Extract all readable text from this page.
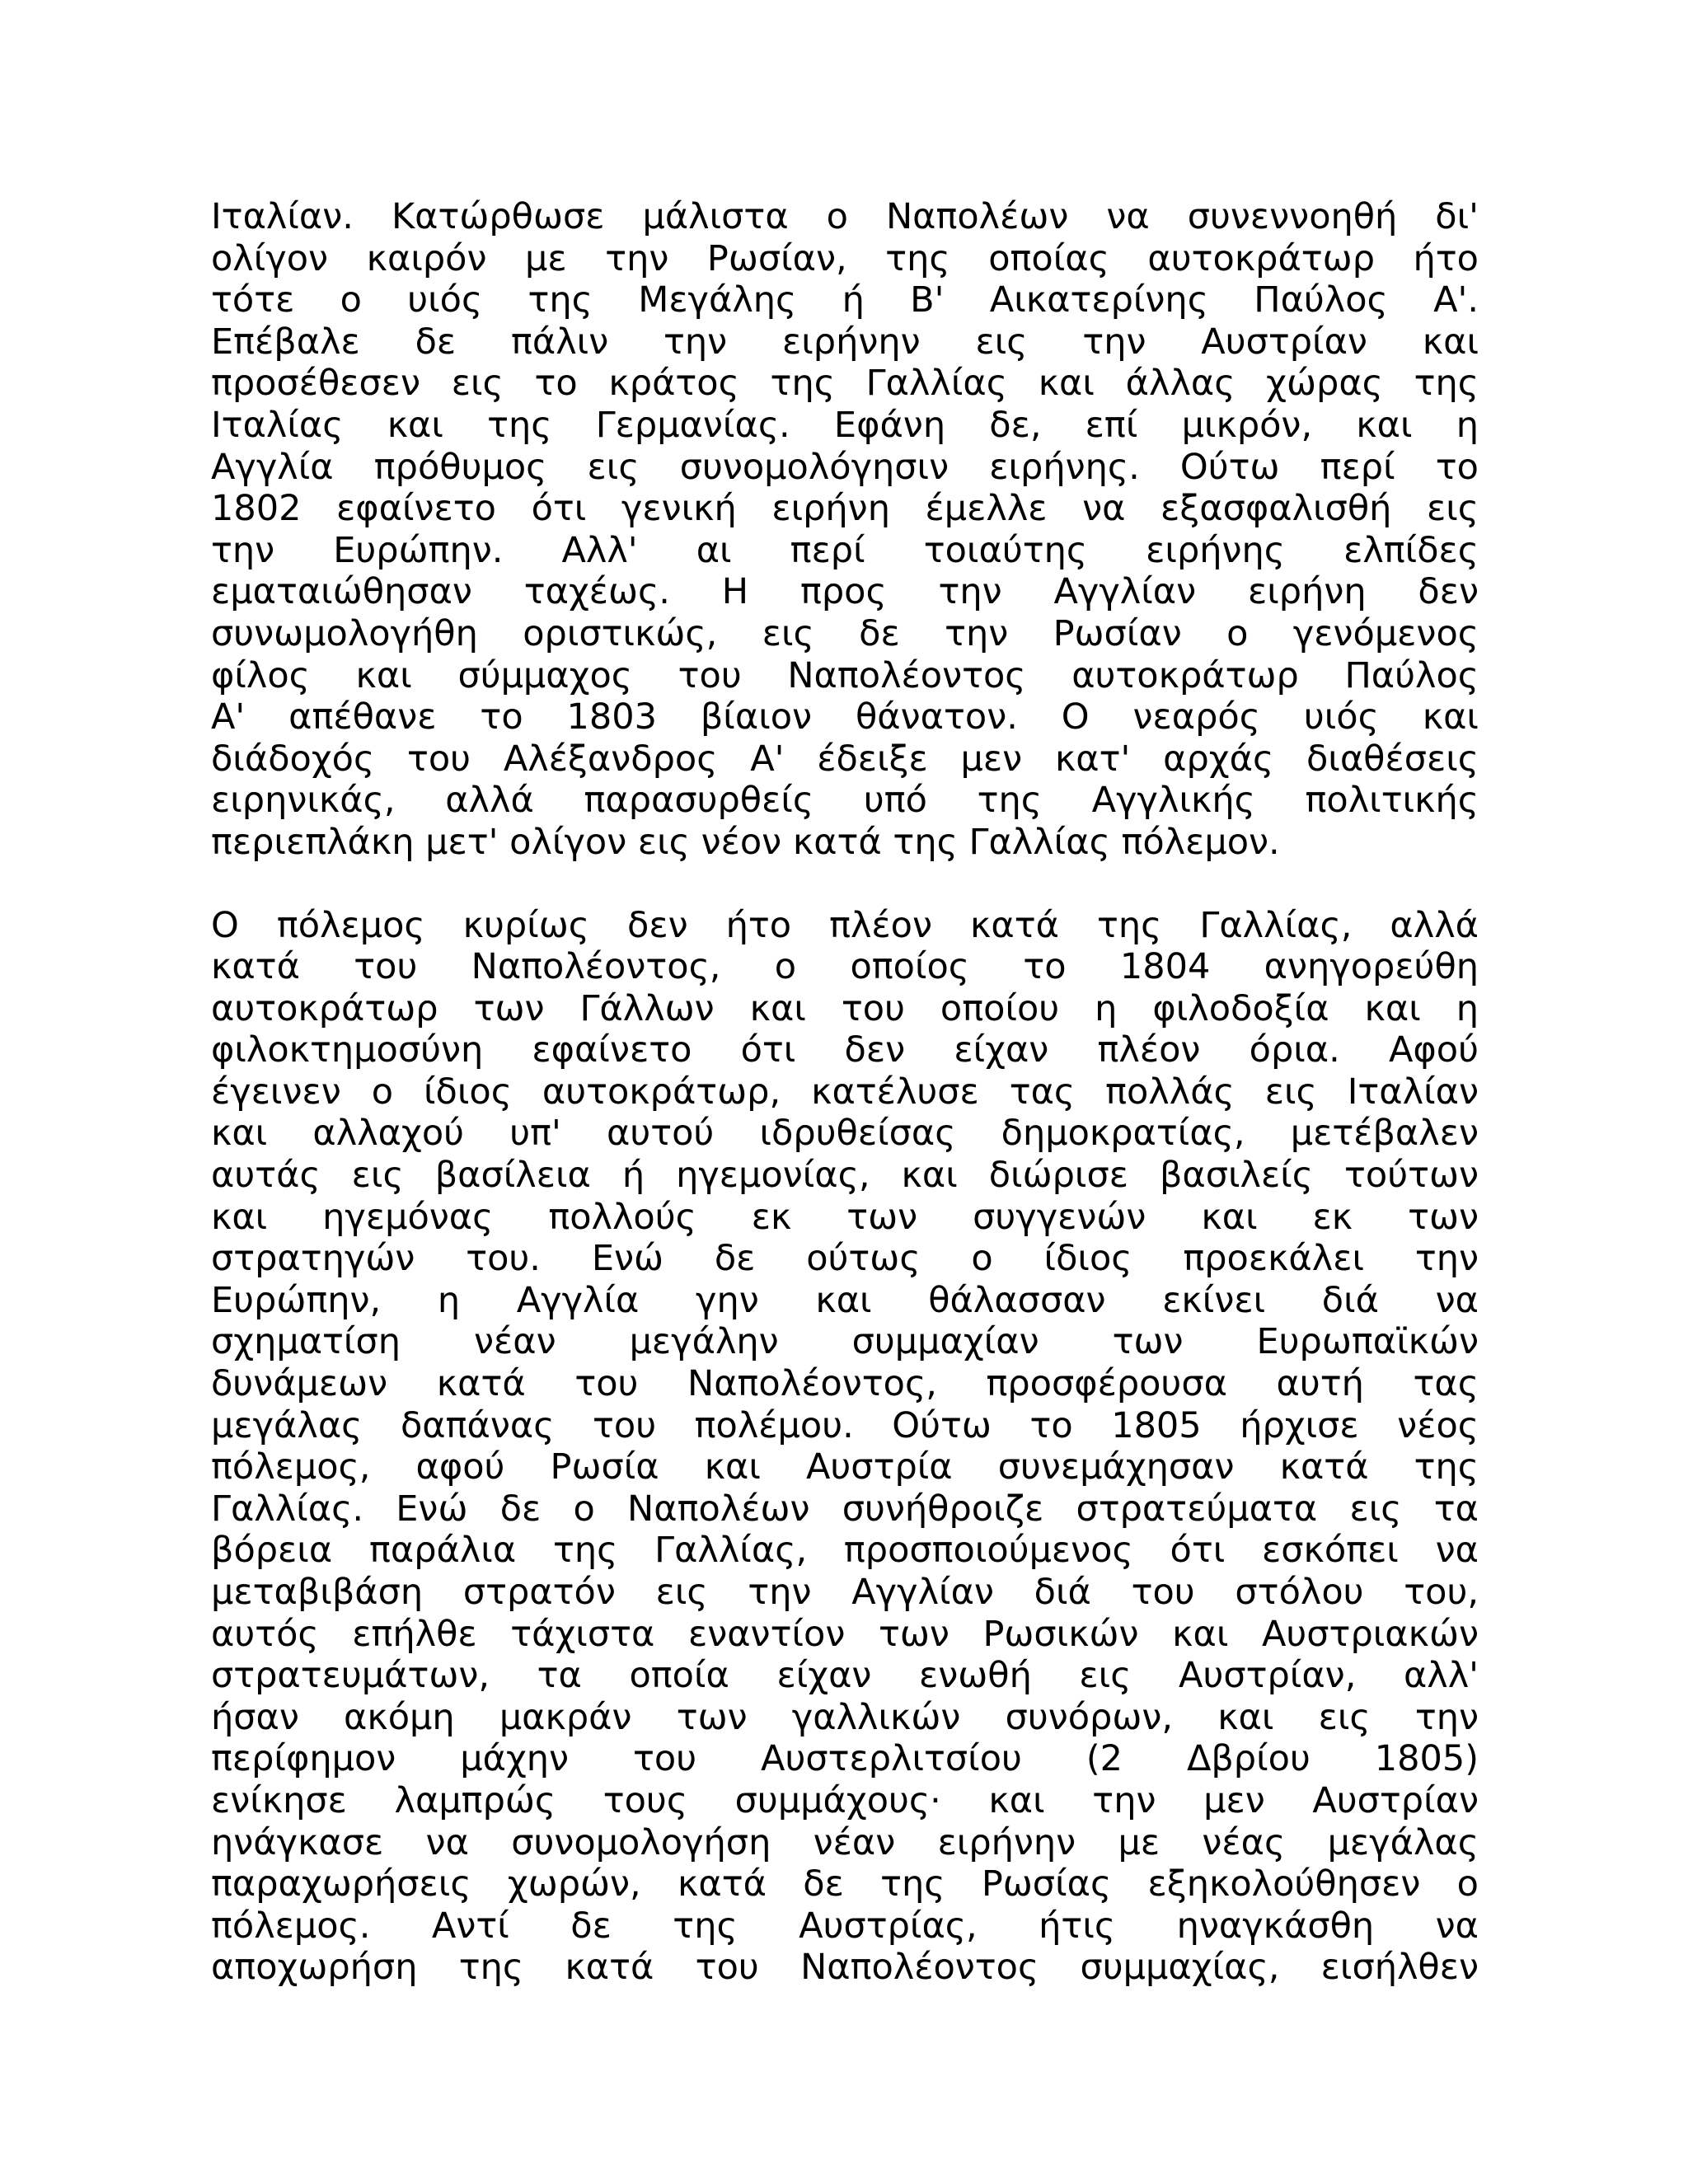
Ιταλίαν. Κατώρθωσε μάλιστα ο Ναπολέων να συνεννοηθή δι'
ολίγον καιρόν με την Ρωσίαν, της οποίας αυτοκράτωρ ήτο
τότε ο υιός της Μεγάλης ή Β' Αικατερίνης Παύλος Α'.
Επέβαλε δε πάλιν την ειρήνην εις την Αυστρίαν και
προσέθεσεν εις το κράτος της Γαλλίας και άλλας χώρας της
Ιταλίας και της Γερμανίας. Εφάνη δε, επί μικρόν, και η
Αγγλία πρόθυμος εις συνομολόγησιν ειρήνης. Ούτω περί το
1802 εφαίνετο ότι γενική ειρήνη έμελλε να εξασφαλισθή εις
την Ευρώπην. Αλλ' αι περί τοιαύτης ειρήνης ελπίδες
εματαιώθησαν ταχέως. Η προς την Αγγλίαν ειρήνη δεν
συνωμολογήθη οριστικώς, εις δε την Ρωσίαν ο γενόμενος
φίλος και σύμμαχος του Ναπολέοντος αυτοκράτωρ Παύλος
Α' απέθανε το 1803 βίαιον θάνατον. Ο νεαρός υιός και
διάδοχός του Αλέξανδρος Α' έδειξε μεν κατ' αρχάς διαθέσεις
ειρηνικάς, αλλά παρασυρθείς υπό της Αγγλικής πολιτικής
περιεπλάκη μετ' ολίγον εις νέον κατά της Γαλλίας πόλεμον.

Ο πόλεμος κυρίως δεν ήτο πλέον κατά της Γαλλίας, αλλά
κατά του Ναπολέοντος, ο οποίος το 1804 ανηγορεύθη
αυτοκράτωρ των Γάλλων και του οποίου η φιλοδοξία και η
φιλοκτημοσύνη εφαίνετο ότι δεν είχαν πλέον όρια. Αφού
έγεινεν ο ίδιος αυτοκράτωρ, κατέλυσε τας πολλάς εις Ιταλίαν
και αλλαχού υπ' αυτού ιδρυθείσας δημοκρατίας, μετέβαλεν
αυτάς εις βασίλεια ή ηγεμονίας, και διώρισε βασιλείς τούτων
και ηγεμόνας πολλούς εκ των συγγενών και εκ των
στρατηγών του. Ενώ δε ούτως ο ίδιος προεκάλει την
Ευρώπην, η Αγγλία γην και θάλασσαν εκίνει διά να
σχηματίση νέαν μεγάλην συμμαχίαν των Ευρωπαϊκών
δυνάμεων κατά του Ναπολέοντος, προσφέρουσα αυτή τας
μεγάλας δαπάνας του πολέμου. Ούτω το 1805 ήρχισε νέος
πόλεμος, αφού Ρωσία και Αυστρία συνεμάχησαν κατά της
Γαλλίας. Ενώ δε ο Ναπολέων συνήθροιζε στρατεύματα εις τα
βόρεια παράλια της Γαλλίας, προσποιούμενος ότι εσκόπει να
μεταβιβάση στρατόν εις την Αγγλίαν διά του στόλου του,
αυτός επήλθε τάχιστα εναντίον των Ρωσικών και Αυστριακών
στρατευμάτων, τα οποία είχαν ενωθή εις Αυστρίαν, αλλ'
ήσαν ακόμη μακράν των γαλλικών συνόρων, και εις την
περίφημον μάχην του Αυστερλιτσίου (2 Δβρίου 1805)
ενίκησε λαμπρώς τους συμμάχους· και την μεν Αυστρίαν
ηνάγκασε να συνομολογήση νέαν ειρήνην με νέας μεγάλας
παραχωρήσεις χωρών, κατά δε της Ρωσίας εξηκολούθησεν ο
πόλεμος. Αντί δε της Αυστρίας, ήτις ηναγκάσθη να
αποχωρήση της κατά του Ναπολέοντος συμμαχίας, εισήλθεν
